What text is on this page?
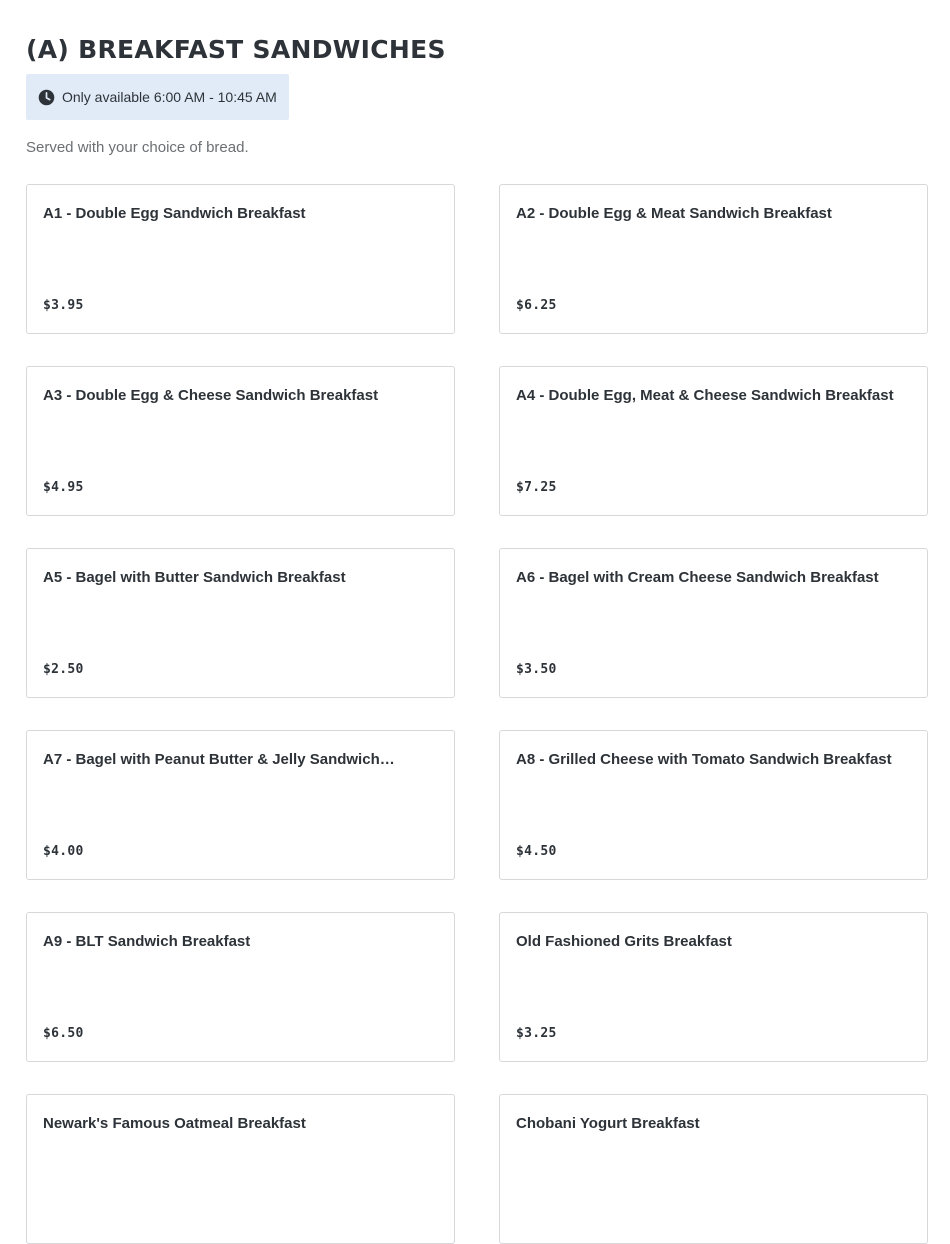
(A) BREAKFAST SANDWICHES
Only available 6:00 AM - 10:45 AM

Served with your choice of bread.

A1 - Double Egg Sandwich Breakfast
$3.95
A2 - Double Egg & Meat Sandwich Breakfast
$6.25
A3 - Double Egg & Cheese Sandwich Breakfast
$4.95
A4 - Double Egg, Meat & Cheese Sandwich Breakfast
$7.25
A5 - Bagel with Butter Sandwich Breakfast
$2.50
A6 - Bagel with Cream Cheese Sandwich Breakfast
$3.50
A7 - Bagel with Peanut Butter & Jelly Sandwich…
$4.00
A8 - Grilled Cheese with Tomato Sandwich Breakfast
$4.50
A9 - BLT Sandwich Breakfast
$6.50
Old Fashioned Grits Breakfast
$3.25
Newark's Famous Oatmeal Breakfast	Chobani Yogurt Breakfast
